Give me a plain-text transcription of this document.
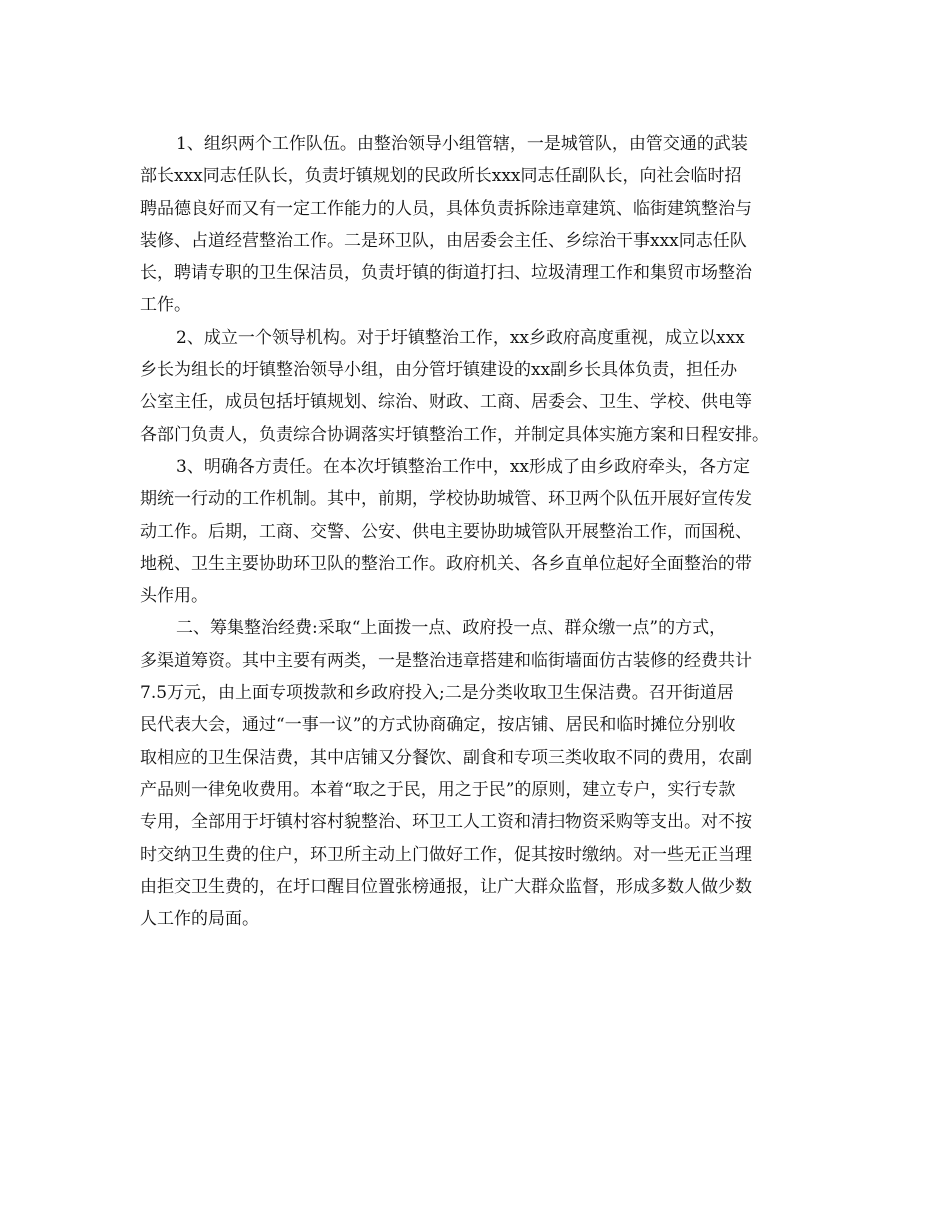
1、组织两个工作队伍。由整治领导小组管辖，一是城管队，由管交通的武装
部长xxx同志任队长，负责圩镇规划的民政所长xxx同志任副队长，向社会临时招
聘品德良好而又有一定工作能力的人员，具体负责拆除违章建筑、临街建筑整治与
装修、占道经营整治工作。二是环卫队，由居委会主任、乡综治干事xxx同志任队
长，聘请专职的卫生保洁员，负责圩镇的街道打扫、垃圾清理工作和集贸市场整治
工作。
2、成立一个领导机构。对于圩镇整治工作，xx乡政府高度重视，成立以xxx
乡长为组长的圩镇整治领导小组，由分管圩镇建设的xx副乡长具体负责，担任办
公室主任，成员包括圩镇规划、综治、财政、工商、居委会、卫生、学校、供电等
各部门负责人，负责综合协调落实圩镇整治工作，并制定具体实施方案和日程安排。
3、明确各方责任。在本次圩镇整治工作中，xx形成了由乡政府牵头，各方定
期统一行动的工作机制。其中，前期，学校协助城管、环卫两个队伍开展好宣传发
动工作。后期，工商、交警、公安、供电主要协助城管队开展整治工作，而国税、
地税、卫生主要协助环卫队的整治工作。政府机关、各乡直单位起好全面整治的带
头作用。
二、筹集整治经费:采取“上面拨一点、政府投一点、群众缴一点”的方式，
多渠道筹资。其中主要有两类，一是整治违章搭建和临街墙面仿古装修的经费共计
7.5万元，由上面专项拨款和乡政府投入;二是分类收取卫生保洁费。召开街道居
民代表大会，通过“一事一议”的方式协商确定，按店铺、居民和临时摊位分别收
取相应的卫生保洁费，其中店铺又分餐饮、副食和专项三类收取不同的费用，农副
产品则一律免收费用。本着“取之于民，用之于民”的原则，建立专户，实行专款
专用，全部用于圩镇村容村貌整治、环卫工人工资和清扫物资采购等支出。对不按
时交纳卫生费的住户，环卫所主动上门做好工作，促其按时缴纳。对一些无正当理
由拒交卫生费的，在圩口醒目位置张榜通报，让广大群众监督，形成多数人做少数
人工作的局面。
